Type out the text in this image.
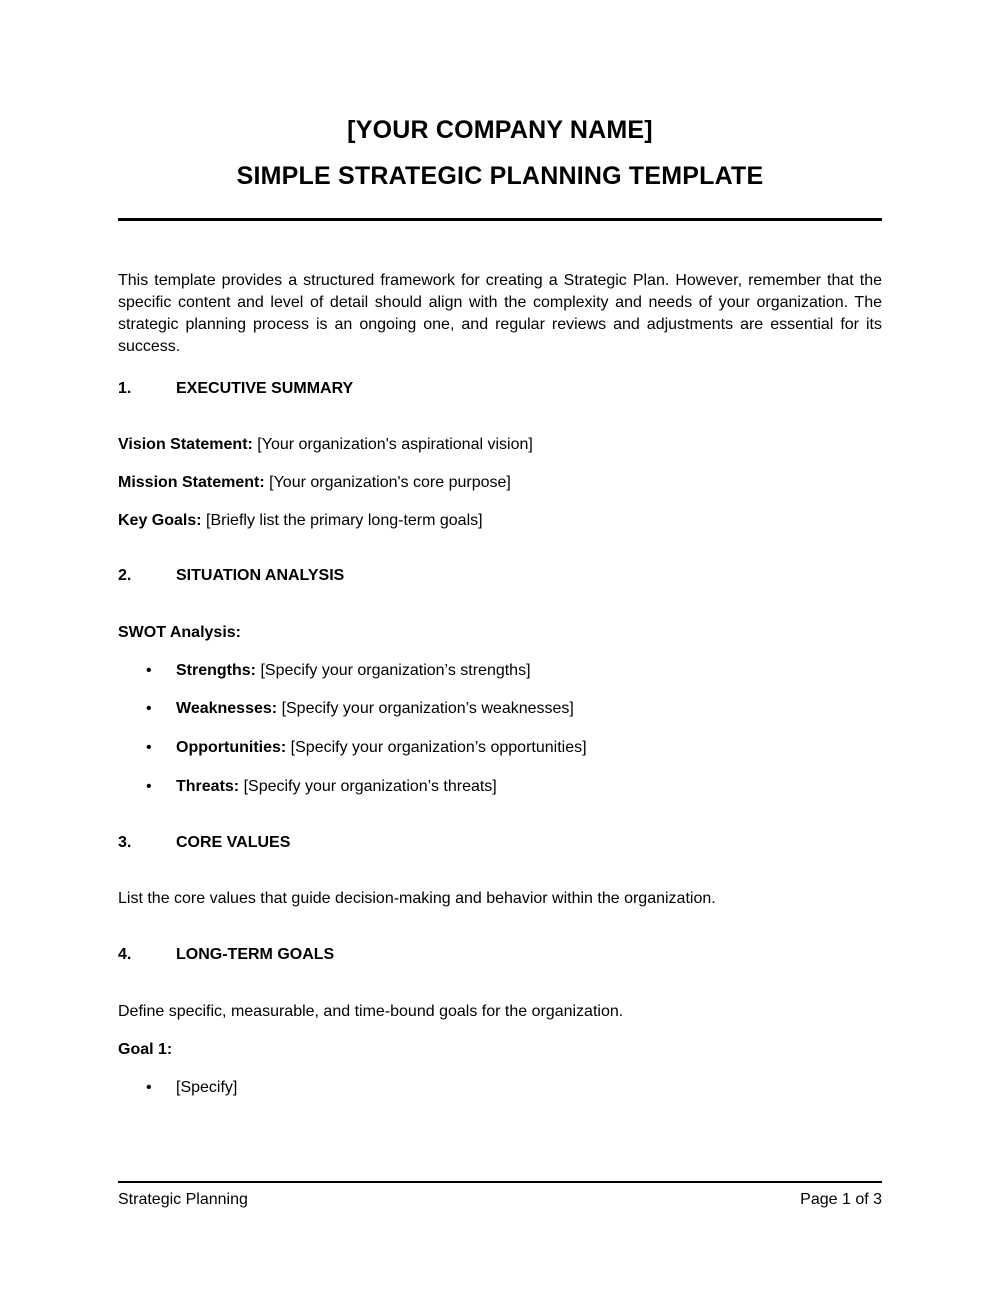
[YOUR COMPANY NAME]
SIMPLE STRATEGIC PLANNING TEMPLATE
This template provides a structured framework for creating a Strategic Plan. However, remember that the specific content and level of detail should align with the complexity and needs of your organization. The strategic planning process is an ongoing one, and regular reviews and adjustments are essential for its success.
1.	EXECUTIVE SUMMARY
Vision Statement: [Your organization's aspirational vision]
Mission Statement: [Your organization's core purpose]
Key Goals: [Briefly list the primary long-term goals]
2.	SITUATION ANALYSIS
SWOT Analysis:
• Strengths: [Specify your organization’s strengths]
• Weaknesses: [Specify your organization’s weaknesses]
• Opportunities: [Specify your organization’s opportunities]
• Threats: [Specify your organization’s threats]
3.	CORE VALUES
List the core values that guide decision-making and behavior within the organization.
4.	LONG-TERM GOALS
Define specific, measurable, and time-bound goals for the organization.
Goal 1:
• [Specify]
Strategic Planning	Page 1 of 3
